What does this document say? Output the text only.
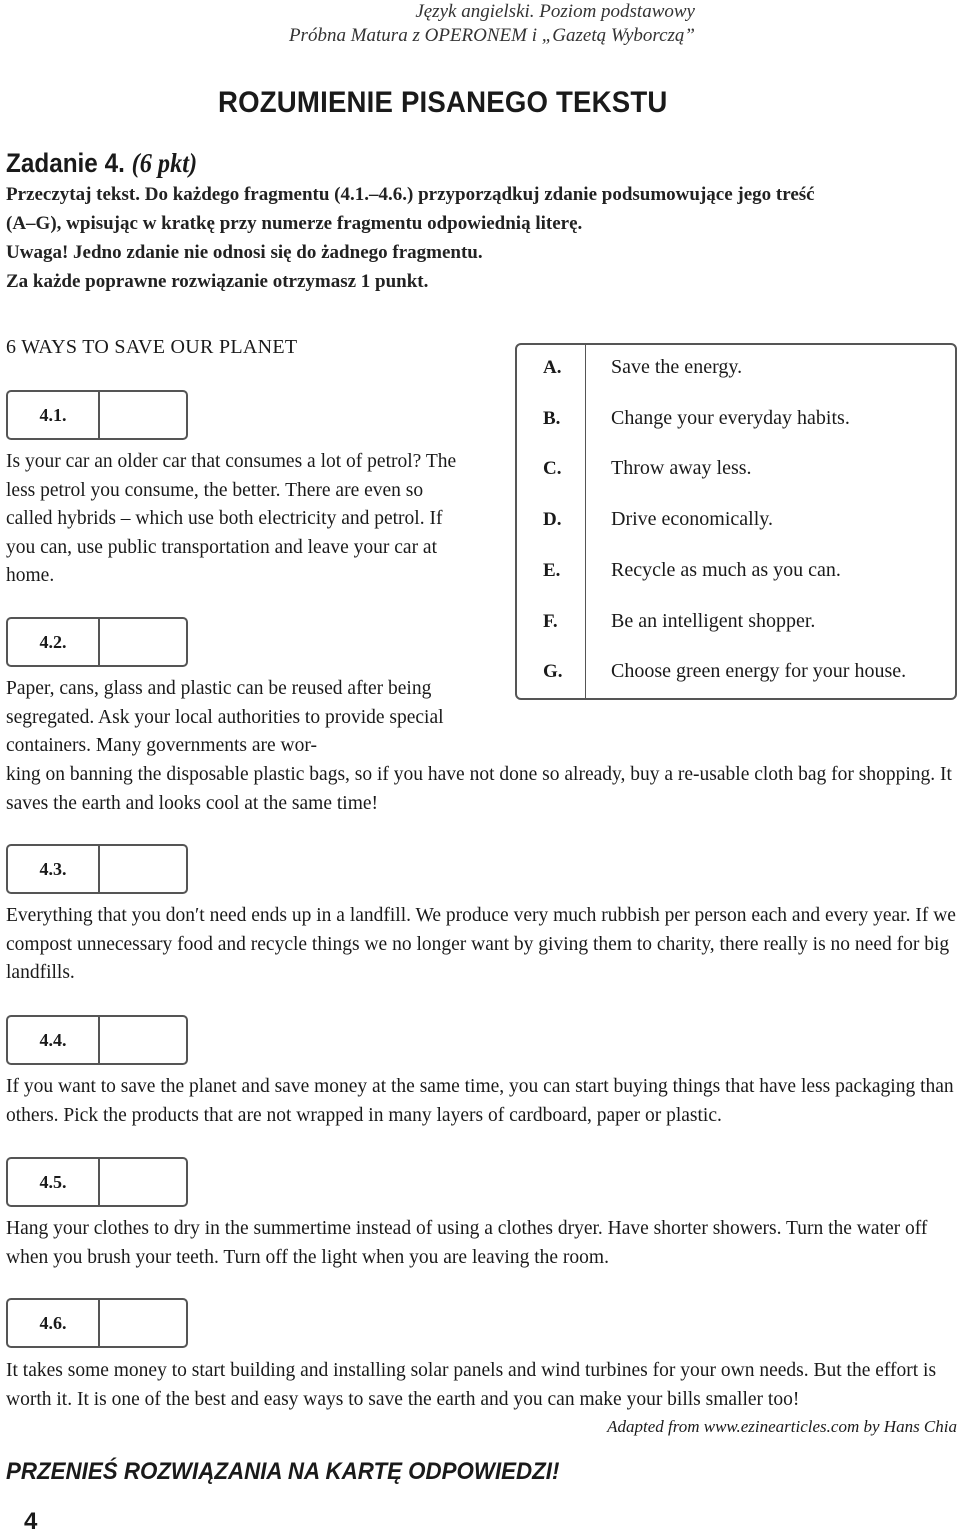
Język angielski. Poziom podstawowy
Próbna Matura z OPERONEM i „Gazetą Wyborczą”
ROZUMIENIE PISANEGO TEKSTU
Zadanie 4. (6 pkt)
Przeczytaj tekst. Do każdego fragmentu (4.1.–4.6.) przyporządkuj zdanie podsumowujące jego treść
(A–G), wpisując w kratkę przy numerze fragmentu odpowiednią literę.
Uwaga! Jedno zdanie nie odnosi się do żadnego fragmentu.
Za każde poprawne rozwiązanie otrzymasz 1 punkt.
6 WAYS TO SAVE OUR PLANET
A. Save the energy.
B.	Change your everyday habits.
C. Throw away less.
D. Drive economically.
E.	Recycle as much as you can.
F.	Be an intelligent shopper.
G. Choose green energy for your house.
4.1.

Is your car an older car that consumes a lot of petrol? The less petrol you consume, the better. There are even so called hybrids – which use both electricity and petrol. If you can, use public transportation and leave your car at home.

4.2.

Paper, cans, glass and plastic can be reused after being segregated. Ask your local authorities to provide special containers. Many governments are wor-

king on banning the disposable plastic bags, so if you have not done so already, buy a re-usable cloth bag for shopping. It saves the earth and looks cool at the same time!

4.3.

Everything that you don′t need ends up in a landfill. We produce very much rubbish per person each and every year. If we compost unnecessary food and recycle things we no longer want by giving them to charity, there really is no need for big landfills.

4.4.

If you want to save the planet and save money at the same time, you can start buying things that have less packaging than others. Pick the products that are not wrapped in many layers of cardboard, paper or plastic.

4.5.

Hang your clothes to dry in the summertime instead of using a clothes dryer. Have shorter showers. Turn the water off when you brush your teeth. Turn off the light when you are leaving the room.

4.6.

It takes some money to start building and installing solar panels and wind turbines for your own needs. But the effort is worth it. It is one of the best and easy ways to save the earth and you can make your bills smaller too!

Adapted from www.ezinearticles.com by Hans Chia
PRZENIEŚ ROZWIĄZANIA NA KARTĘ ODPOWIEDZI!
4
